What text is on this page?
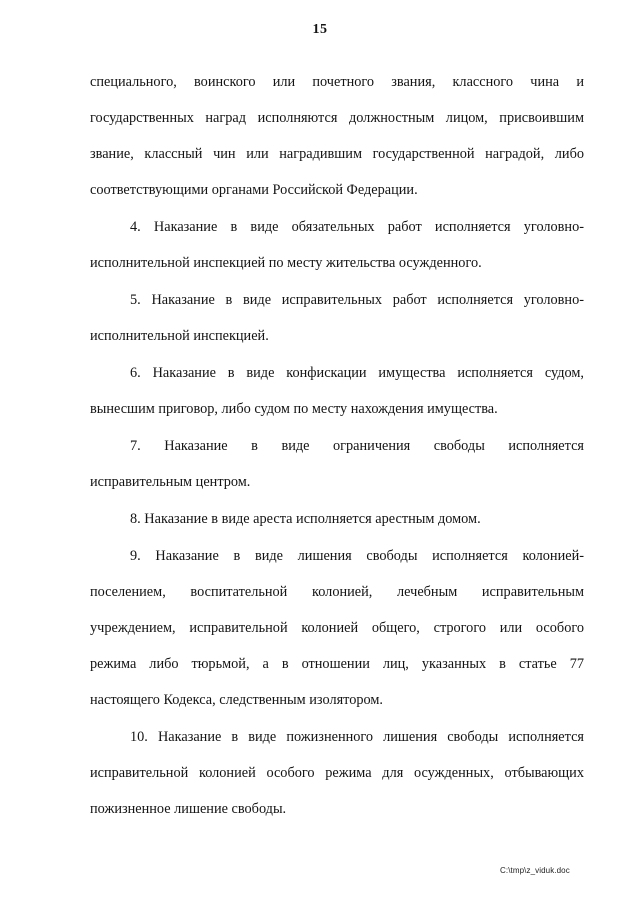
15
специального, воинского или почетного звания, классного чина и
государственных наград исполняются должностным лицом, присвоившим
звание, классный чин или наградившим государственной наградой, либо
соответствующими органами Российской Федерации.
4. Наказание в виде обязательных работ исполняется уголовно-
исполнительной инспекцией по месту жительства осужденного.
5. Наказание в виде исправительных работ исполняется уголовно-
исполнительной инспекцией.
6. Наказание в виде конфискации имущества исполняется судом,
вынесшим приговор, либо судом по месту нахождения имущества.
7. Наказание в виде ограничения свободы исполняется
исправительным центром.
8. Наказание в виде ареста исполняется арестным домом.
9. Наказание в виде лишения свободы исполняется колонией-
поселением, воспитательной колонией, лечебным исправительным
учреждением, исправительной колонией общего, строгого или особого
режима либо тюрьмой, а в отношении лиц, указанных в статье 77
настоящего Кодекса, следственным изолятором.
10. Наказание в виде пожизненного лишения свободы исполняется
исправительной колонией особого режима для осужденных, отбывающих
пожизненное лишение свободы.
C:\tmp\z_viduk.doc
